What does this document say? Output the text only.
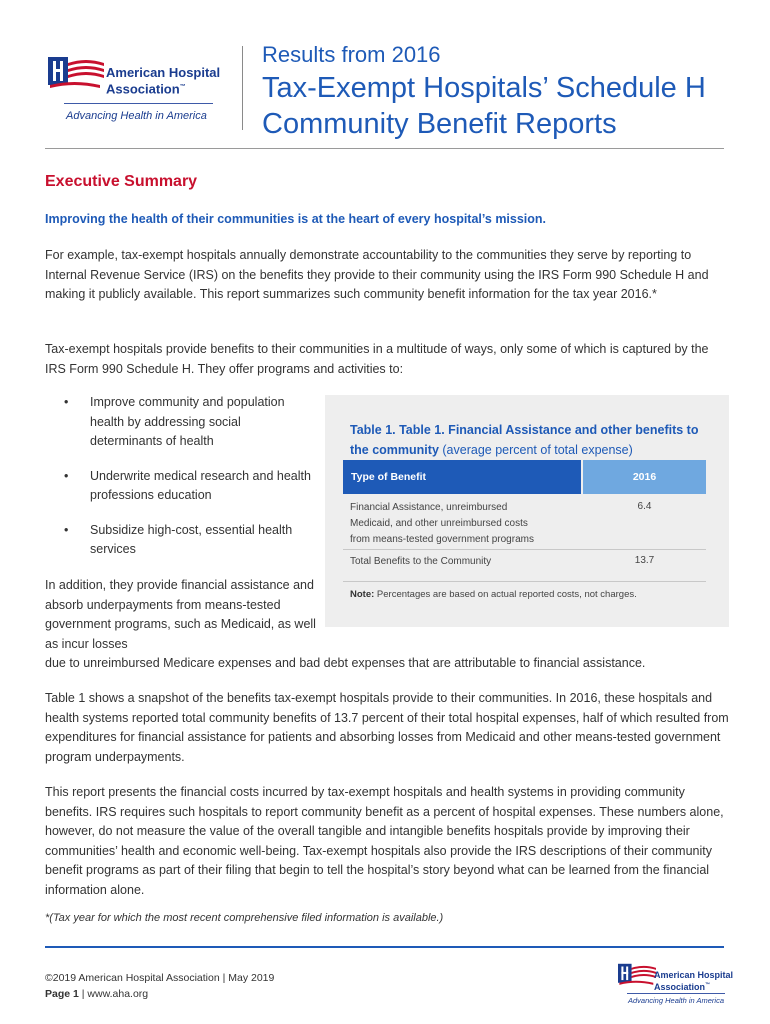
American Hospital
Association™
Advancing Health in America
Results from 2016
Tax-Exempt Hospitals’ Schedule H
Community Benefit Reports
Executive Summary
Improving the health of their communities is at the heart of every hospital’s mission.

For example, tax-exempt hospitals annually demonstrate accountability to the communities they serve by reporting to Internal Revenue Service (IRS) on the benefits they provide to their community using the IRS Form 990 Schedule H and making it publicly available. This report summarizes such community benefit information for the tax year 2016.*

Tax-exempt hospitals provide benefits to their communities in a multitude of ways, only some of which is captured by the IRS Form 990 Schedule H. They offer programs and activities to:

• Improve community and population health by addressing social determinants of health
• Underwrite medical research and health professions education
• Subsidize high-cost, essential health services

In addition, they provide financial assistance and absorb underpayments from means-tested government programs, such as Medicaid, as well as incur losses

due to unreimbursed Medicare expenses and bad debt expenses that are attributable to financial assistance.

Table 1. Table 1. Financial Assistance and other benefits to the community (average percent of total expense)

Type of Benefit	2016
Financial Assistance, unreimbursed Medicaid, and other unreimbursed costs from means-tested government programs
6.4
Total Benefits to the Community	13.7
Note: Percentages are based on actual reported costs, not charges.

Table 1 shows a snapshot of the benefits tax-exempt hospitals provide to their communities. In 2016, these hospitals and health systems reported total community benefits of 13.7 percent of their total hospital expenses, half of which resulted from expenditures for financial assistance for patients and absorbing losses from Medicaid and other means-tested government program underpayments.

This report presents the financial costs incurred by tax-exempt hospitals and health systems in providing community benefits. IRS requires such hospitals to report community benefit as a percent of hospital expenses. These numbers alone, however, do not measure the value of the overall tangible and intangible benefits hospitals provide by improving their communities’ health and economic well-being. Tax-exempt hospitals also provide the IRS descriptions of their community benefit programs as part of their filing that begin to tell the hospital’s story beyond what can be learned from the financial information alone.

*(Tax year for which the most recent comprehensive filed information is available.)
©2019 American Hospital Association | May 2019
Page 1 | www.aha.org
American Hospital
Association™
Advancing Health in America
